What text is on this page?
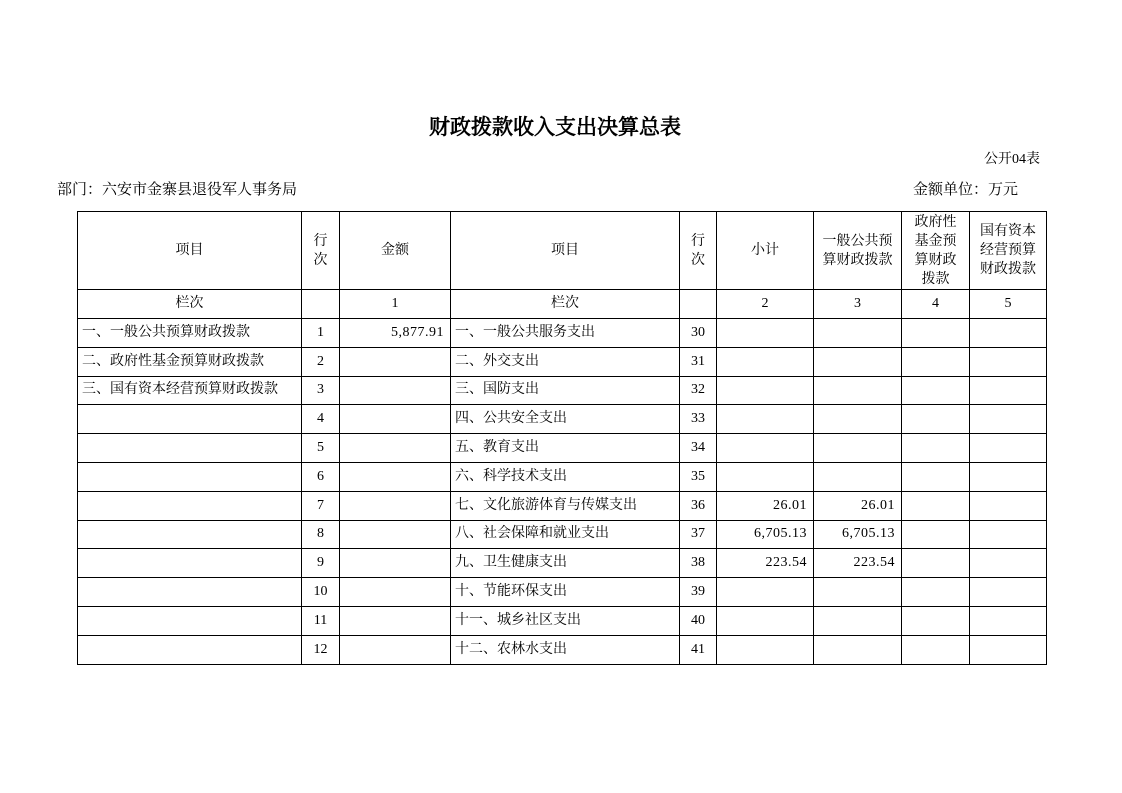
财政拨款收入支出决算总表
公开04表
部门：六安市金寨县退役军人事务局	金额单位：万元
项目	行次	金额	项目	行次	小计	一般公共预算财政拨款	政府性基金预算财政拨款	国有资本经营预算财政拨款

栏次		1	栏次		2	3	4	5
一、一般公共预算财政拨款	1	5,877.91	一、一般公共服务支出	30				
二、政府性基金预算财政拨款	2		二、外交支出	31				
三、国有资本经营预算财政拨款	3		三、国防支出	32				
	4		四、公共安全支出	33				
	5		五、教育支出	34				
	6		六、科学技术支出	35				
	7		七、文化旅游体育与传媒支出	36	26.01	26.01		
	8		八、社会保障和就业支出	37	6,705.13	6,705.13		
	9		九、卫生健康支出	38	223.54	223.54		
	10		十、节能环保支出	39				
	11		十一、城乡社区支出	40				
	12		十二、农林水支出	41				
